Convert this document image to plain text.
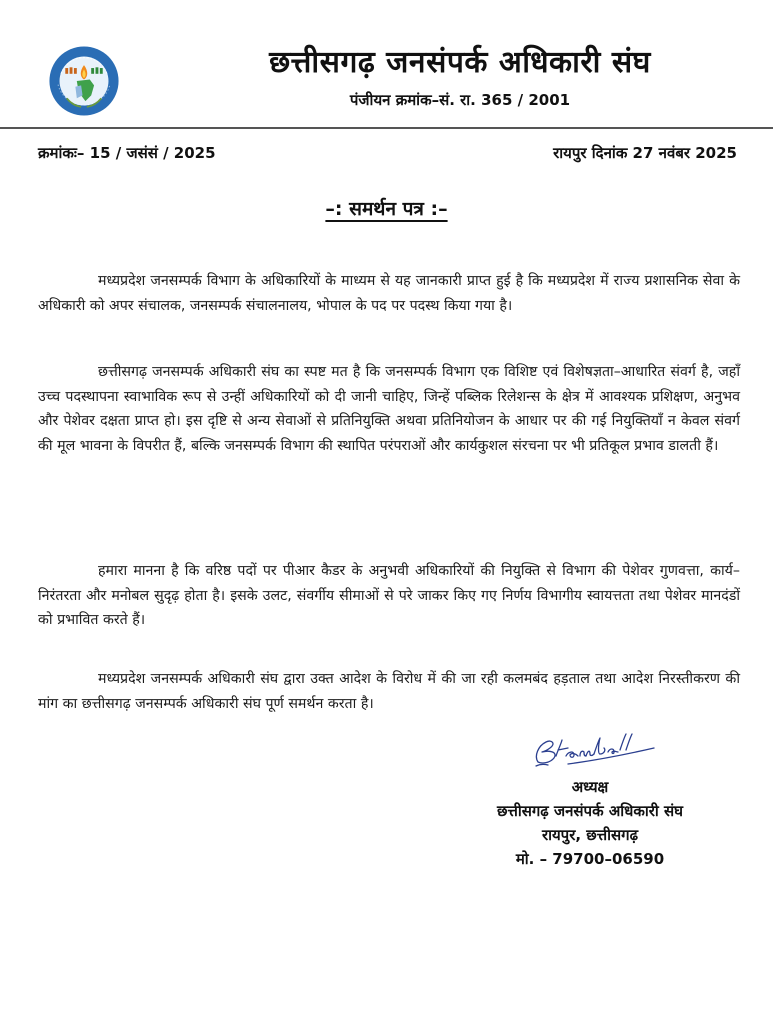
छत्तीसगढ़ जनसंपर्क अधिकारी संघ
पंजीयन क्रमांक–सं. रा. 365 / 2001
क्रमांकः– 15 / जसंसं / 2025	रायपुर दिनांक 27 नवंबर 2025
–: समर्थन पत्र :–

मध्यप्रदेश जनसम्पर्क विभाग के अधिकारियों के माध्यम से यह जानकारी प्राप्त हुई है कि मध्यप्रदेश में राज्य प्रशासनिक सेवा के अधिकारी को अपर संचालक, जनसम्पर्क संचालनालय, भोपाल के पद पर पदस्थ किया गया है।

छत्तीसगढ़ जनसम्पर्क अधिकारी संघ का स्पष्ट मत है कि जनसम्पर्क विभाग एक विशिष्ट एवं विशेषज्ञता–आधारित संवर्ग है, जहाँ उच्च पदस्थापना स्वाभाविक रूप से उन्हीं अधिकारियों को दी जानी चाहिए, जिन्हें पब्लिक रिलेशन्स के क्षेत्र में आवश्यक प्रशिक्षण, अनुभव और पेशेवर दक्षता प्राप्त हो। इस दृष्टि से अन्य सेवाओं से प्रतिनियुक्ति अथवा प्रतिनियोजन के आधार पर की गई नियुक्तियाँ न केवल संवर्ग की मूल भावना के विपरीत हैं, बल्कि जनसम्पर्क विभाग की स्थापित परंपराओं और कार्यकुशल संरचना पर भी प्रतिकूल प्रभाव डालती हैं।

हमारा मानना है कि वरिष्ठ पदों पर पीआर कैडर के अनुभवी अधिकारियों की नियुक्ति से विभाग की पेशेवर गुणवत्ता, कार्य–निरंतरता और मनोबल सुदृढ़ होता है। इसके उलट, संवर्गीय सीमाओं से परे जाकर किए गए निर्णय विभागीय स्वायत्तता तथा पेशेवर मानदंडों को प्रभावित करते हैं।

मध्यप्रदेश जनसम्पर्क अधिकारी संघ द्वारा उक्त आदेश के विरोध में की जा रही कलमबंद हड़ताल तथा आदेश निरस्तीकरण की मांग का छत्तीसगढ़ जनसम्पर्क अधिकारी संघ पूर्ण समर्थन करता है।

अध्यक्ष
छत्तीसगढ़ जनसंपर्क अधिकारी संघ
रायपुर, छत्तीसगढ़
मो. – 79700–06590
